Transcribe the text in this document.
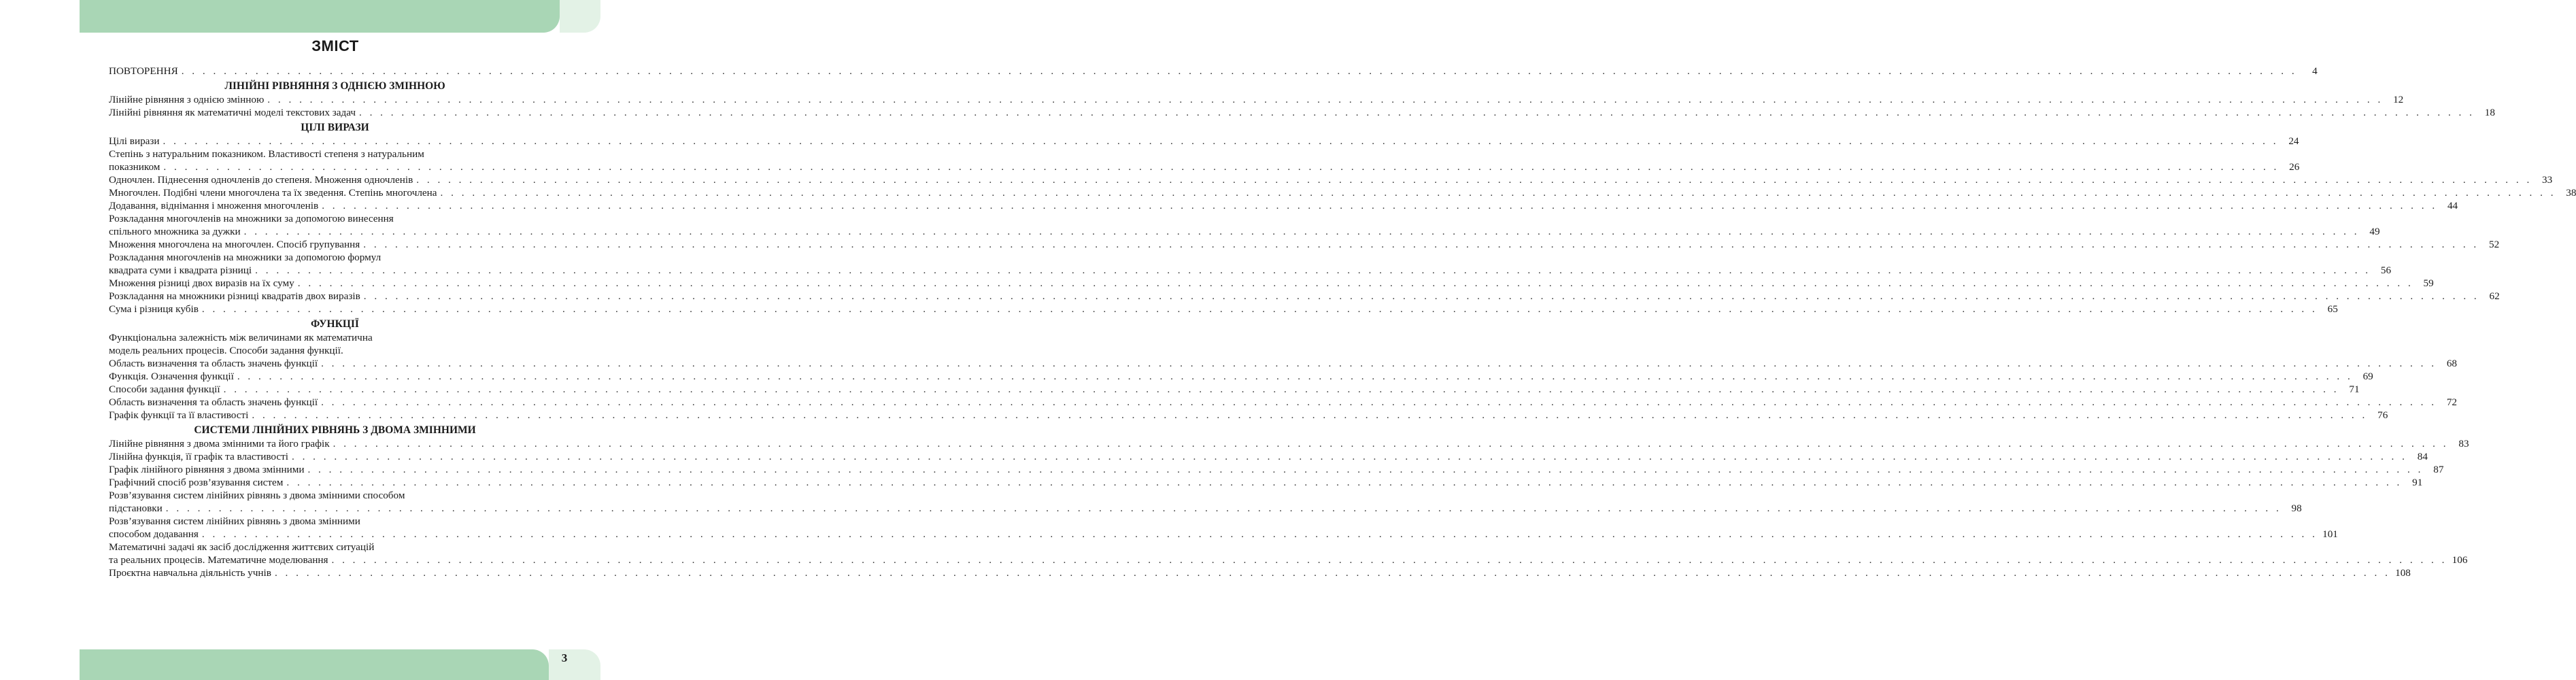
ЗМІСТ
ПОВТОРЕННЯ . . . . . . . . . . . . . . . . . . . . . . . . . . . . . . . . . . . . . . . . . . . . . . . . . . . . . . . . . . . . . . . . . . . . . . . . . . . . . . . . . . . . . . . . . . . . . . . . . . . . . . . . . . . . . . . . . . . . . . . . . . . . . . . . . . . . . . . . . . . . . . . . . . . . . . . . . . . . . . . . . . . . . . . . . . . . . . . . . . . . . . . . . . . . . . . . . . . . . . . .	4
ЛІНІЙНІ РІВНЯННЯ З ОДНІЄЮ ЗМІННОЮ
Лінійне рівняння з однією змінною . . . . . . . . . . . . . . . . . . . . . . . . . . . . . . . . . . . . . . . . . . . . . . . . . . . . . . . . . . . . . . . . . . . . . . . . . . . . . . . . . . . . . . . . . . . . . . . . . . . . . . . . . . . . . . . . . . . . . . . . . . . . . . . . . . . . . . . . . . . . . . . . . . . . . . . . . . . . . . . . . . . . . . . . . . . . . . . . . . . . . . . . . . . . . . . . . . . . . . . . 12
Лінійні рівняння як математичні моделі текстових задач . . . . . . . . . . . . . . . . . . . . . . . . . . . . . . . . . . . . . . . . . . . . . . . . . . . . . . . . . . . . . . . . . . . . . . . . . . . . . . . . . . . . . . . . . . . . . . . . . . . . . . . . . . . . . . . . . . . . . . . . . . . . . . . . . . . . . . . . . . . . . . . . . . . . . . . . . . . . . . . . . . . . . . . . . . . . . . . . . . . . . . . . . . . . . . . . . . . . . . . . 18
ЦІЛІ ВИРАЗИ
Цілі вирази . . . . . . . . . . . . . . . . . . . . . . . . . . . . . . . . . . . . . . . . . . . . . . . . . . . . . . . . . . . . . . . . . . . . . . . . . . . . . . . . . . . . . . . . . . . . . . . . . . . . . . . . . . . . . . . . . . . . . . . . . . . . . . . . . . . . . . . . . . . . . . . . . . . . . . . . . . . . . . . . . . . . . . . . . . . . . . . . . . . . . . . . . . . . . . . . . . . . . . . . 24
Степінь з натуральним показником. Властивості степеня з натуральним
показником . . . . . . . . . . . . . . . . . . . . . . . . . . . . . . . . . . . . . . . . . . . . . . . . . . . . . . . . . . . . . . . . . . . . . . . . . . . . . . . . . . . . . . . . . . . . . . . . . . . . . . . . . . . . . . . . . . . . . . . . . . . . . . . . . . . . . . . . . . . . . . . . . . . . . . . . . . . . . . . . . . . . . . . . . . . . . . . . . . . . . . . . . . . . . . . . . . . . . . . . 26
Одночлен. Піднесення одночленів до степеня. Множення одночленів . . . . . . . . . . . . . . . . . . . . . . . . . . . . . . . . . . . . . . . . . . . . . . . . . . . . . . . . . . . . . . . . . . . . . . . . . . . . . . . . . . . . . . . . . . . . . . . . . . . . . . . . . . . . . . . . . . . . . . . . . . . . . . . . . . . . . . . . . . . . . . . . . . . . . . . . . . . . . . . . . . . . . . . . . . . . . . . . . . . . . . . . . . . . . . . . . . . . . . . . 33
Многочлен. Подібні члени многочлена та їх зведення. Степінь многочлена . . . . . . . . . . . . . . . . . . . . . . . . . . . . . . . . . . . . . . . . . . . . . . . . . . . . . . . . . . . . . . . . . . . . . . . . . . . . . . . . . . . . . . . . . . . . . . . . . . . . . . . . . . . . . . . . . . . . . . . . . . . . . . . . . . . . . . . . . . . . . . . . . . . . . . . . . . . . . . . . . . . . . . . . . . . . . . . . . . . . . . . . . . . . . . . . . . . . . . . . 38
Додавання, віднімання і множення многочленів . . . . . . . . . . . . . . . . . . . . . . . . . . . . . . . . . . . . . . . . . . . . . . . . . . . . . . . . . . . . . . . . . . . . . . . . . . . . . . . . . . . . . . . . . . . . . . . . . . . . . . . . . . . . . . . . . . . . . . . . . . . . . . . . . . . . . . . . . . . . . . . . . . . . . . . . . . . . . . . . . . . . . . . . . . . . . . . . . . . . . . . . . . . . . . . . . . . . . . . . 44
Розкладання многочленів на множники за допомогою винесення
спільного множника за дужки . . . . . . . . . . . . . . . . . . . . . . . . . . . . . . . . . . . . . . . . . . . . . . . . . . . . . . . . . . . . . . . . . . . . . . . . . . . . . . . . . . . . . . . . . . . . . . . . . . . . . . . . . . . . . . . . . . . . . . . . . . . . . . . . . . . . . . . . . . . . . . . . . . . . . . . . . . . . . . . . . . . . . . . . . . . . . . . . . . . . . . . . . . . . . . . . . . . . . . . . 49
Множення многочлена на многочлен. Спосіб групування . . . . . . . . . . . . . . . . . . . . . . . . . . . . . . . . . . . . . . . . . . . . . . . . . . . . . . . . . . . . . . . . . . . . . . . . . . . . . . . . . . . . . . . . . . . . . . . . . . . . . . . . . . . . . . . . . . . . . . . . . . . . . . . . . . . . . . . . . . . . . . . . . . . . . . . . . . . . . . . . . . . . . . . . . . . . . . . . . . . . . . . . . . . . . . . . . . . . . . . . 52
Розкладання многочленів на множники за допомогою формул
квадрата суми і квадрата різниці . . . . . . . . . . . . . . . . . . . . . . . . . . . . . . . . . . . . . . . . . . . . . . . . . . . . . . . . . . . . . . . . . . . . . . . . . . . . . . . . . . . . . . . . . . . . . . . . . . . . . . . . . . . . . . . . . . . . . . . . . . . . . . . . . . . . . . . . . . . . . . . . . . . . . . . . . . . . . . . . . . . . . . . . . . . . . . . . . . . . . . . . . . . . . . . . . . . . . . . . 56
Множення різниці двох виразів на їх суму . . . . . . . . . . . . . . . . . . . . . . . . . . . . . . . . . . . . . . . . . . . . . . . . . . . . . . . . . . . . . . . . . . . . . . . . . . . . . . . . . . . . . . . . . . . . . . . . . . . . . . . . . . . . . . . . . . . . . . . . . . . . . . . . . . . . . . . . . . . . . . . . . . . . . . . . . . . . . . . . . . . . . . . . . . . . . . . . . . . . . . . . . . . . . . . . . . . . . . . . 59
Розкладання на множники різниці квадратів двох виразів . . . . . . . . . . . . . . . . . . . . . . . . . . . . . . . . . . . . . . . . . . . . . . . . . . . . . . . . . . . . . . . . . . . . . . . . . . . . . . . . . . . . . . . . . . . . . . . . . . . . . . . . . . . . . . . . . . . . . . . . . . . . . . . . . . . . . . . . . . . . . . . . . . . . . . . . . . . . . . . . . . . . . . . . . . . . . . . . . . . . . . . . . . . . . . . . . . . . . . . . 62
Сума і різниця кубів . . . . . . . . . . . . . . . . . . . . . . . . . . . . . . . . . . . . . . . . . . . . . . . . . . . . . . . . . . . . . . . . . . . . . . . . . . . . . . . . . . . . . . . . . . . . . . . . . . . . . . . . . . . . . . . . . . . . . . . . . . . . . . . . . . . . . . . . . . . . . . . . . . . . . . . . . . . . . . . . . . . . . . . . . . . . . . . . . . . . . . . . . . . . . . . . . . . . . . . . 65
ФУНКЦІЇ
Функціональна залежність між величинами як математична
модель реальних процесів. Способи задання функції.
Область визначення та область значень функції . . . . . . . . . . . . . . . . . . . . . . . . . . . . . . . . . . . . . . . . . . . . . . . . . . . . . . . . . . . . . . . . . . . . . . . . . . . . . . . . . . . . . . . . . . . . . . . . . . . . . . . . . . . . . . . . . . . . . . . . . . . . . . . . . . . . . . . . . . . . . . . . . . . . . . . . . . . . . . . . . . . . . . . . . . . . . . . . . . . . . . . . . . . . . . . . . . . . . . . . 68
Функція. Означення функції . . . . . . . . . . . . . . . . . . . . . . . . . . . . . . . . . . . . . . . . . . . . . . . . . . . . . . . . . . . . . . . . . . . . . . . . . . . . . . . . . . . . . . . . . . . . . . . . . . . . . . . . . . . . . . . . . . . . . . . . . . . . . . . . . . . . . . . . . . . . . . . . . . . . . . . . . . . . . . . . . . . . . . . . . . . . . . . . . . . . . . . . . . . . . . . . . . . . . . . . 69
Способи задання функції . . . . . . . . . . . . . . . . . . . . . . . . . . . . . . . . . . . . . . . . . . . . . . . . . . . . . . . . . . . . . . . . . . . . . . . . . . . . . . . . . . . . . . . . . . . . . . . . . . . . . . . . . . . . . . . . . . . . . . . . . . . . . . . . . . . . . . . . . . . . . . . . . . . . . . . . . . . . . . . . . . . . . . . . . . . . . . . . . . . . . . . . . . . . . . . . . . . . . . . . 71
Область визначення та область значень функції . . . . . . . . . . . . . . . . . . . . . . . . . . . . . . . . . . . . . . . . . . . . . . . . . . . . . . . . . . . . . . . . . . . . . . . . . . . . . . . . . . . . . . . . . . . . . . . . . . . . . . . . . . . . . . . . . . . . . . . . . . . . . . . . . . . . . . . . . . . . . . . . . . . . . . . . . . . . . . . . . . . . . . . . . . . . . . . . . . . . . . . . . . . . . . . . . . . . . . . . 72
Графік функції та її властивості . . . . . . . . . . . . . . . . . . . . . . . . . . . . . . . . . . . . . . . . . . . . . . . . . . . . . . . . . . . . . . . . . . . . . . . . . . . . . . . . . . . . . . . . . . . . . . . . . . . . . . . . . . . . . . . . . . . . . . . . . . . . . . . . . . . . . . . . . . . . . . . . . . . . . . . . . . . . . . . . . . . . . . . . . . . . . . . . . . . . . . . . . . . . . . . . . . . . . . . . 76
СИСТЕМИ ЛІНІЙНИХ РІВНЯНЬ З ДВОМА ЗМІННИМИ
Лінійне рівняння з двома змінними та його графік . . . . . . . . . . . . . . . . . . . . . . . . . . . . . . . . . . . . . . . . . . . . . . . . . . . . . . . . . . . . . . . . . . . . . . . . . . . . . . . . . . . . . . . . . . . . . . . . . . . . . . . . . . . . . . . . . . . . . . . . . . . . . . . . . . . . . . . . . . . . . . . . . . . . . . . . . . . . . . . . . . . . . . . . . . . . . . . . . . . . . . . . . . . . . . . . . . . . . . . . 83
Лінійна функція, її графік та властивості . . . . . . . . . . . . . . . . . . . . . . . . . . . . . . . . . . . . . . . . . . . . . . . . . . . . . . . . . . . . . . . . . . . . . . . . . . . . . . . . . . . . . . . . . . . . . . . . . . . . . . . . . . . . . . . . . . . . . . . . . . . . . . . . . . . . . . . . . . . . . . . . . . . . . . . . . . . . . . . . . . . . . . . . . . . . . . . . . . . . . . . . . . . . . . . . . . . . . . . . 84
Графік лінійного рівняння з двома змінними . . . . . . . . . . . . . . . . . . . . . . . . . . . . . . . . . . . . . . . . . . . . . . . . . . . . . . . . . . . . . . . . . . . . . . . . . . . . . . . . . . . . . . . . . . . . . . . . . . . . . . . . . . . . . . . . . . . . . . . . . . . . . . . . . . . . . . . . . . . . . . . . . . . . . . . . . . . . . . . . . . . . . . . . . . . . . . . . . . . . . . . . . . . . . . . . . . . . . . . . 87
Графічний спосіб розв’язування систем . . . . . . . . . . . . . . . . . . . . . . . . . . . . . . . . . . . . . . . . . . . . . . . . . . . . . . . . . . . . . . . . . . . . . . . . . . . . . . . . . . . . . . . . . . . . . . . . . . . . . . . . . . . . . . . . . . . . . . . . . . . . . . . . . . . . . . . . . . . . . . . . . . . . . . . . . . . . . . . . . . . . . . . . . . . . . . . . . . . . . . . . . . . . . . . . . . . . . . . . 91
Розв’язування систем лінійних рівнянь з двома змінними способом
підстановки . . . . . . . . . . . . . . . . . . . . . . . . . . . . . . . . . . . . . . . . . . . . . . . . . . . . . . . . . . . . . . . . . . . . . . . . . . . . . . . . . . . . . . . . . . . . . . . . . . . . . . . . . . . . . . . . . . . . . . . . . . . . . . . . . . . . . . . . . . . . . . . . . . . . . . . . . . . . . . . . . . . . . . . . . . . . . . . . . . . . . . . . . . . . . . . . . . . . . . . . 98
Розв’язування систем лінійних рівнянь з двома змінними
способом додавання . . . . . . . . . . . . . . . . . . . . . . . . . . . . . . . . . . . . . . . . . . . . . . . . . . . . . . . . . . . . . . . . . . . . . . . . . . . . . . . . . . . . . . . . . . . . . . . . . . . . . . . . . . . . . . . . . . . . . . . . . . . . . . . . . . . . . . . . . . . . . . . . . . . . . . . . . . . . . . . . . . . . . . . . . . . . . . . . . . . . . . . . . . . . . . . . . . . . . . . . 101
Математичні задачі як засіб дослідження життєвих ситуацій
та реальних процесів. Математичне моделювання . . . . . . . . . . . . . . . . . . . . . . . . . . . . . . . . . . . . . . . . . . . . . . . . . . . . . . . . . . . . . . . . . . . . . . . . . . . . . . . . . . . . . . . . . . . . . . . . . . . . . . . . . . . . . . . . . . . . . . . . . . . . . . . . . . . . . . . . . . . . . . . . . . . . . . . . . . . . . . . . . . . . . . . . . . . . . . . . . . . . . . . . . . . . . . . . . . . . . . . . 106
Проєктна навчальна діяльність учнів . . . . . . . . . . . . . . . . . . . . . . . . . . . . . . . . . . . . . . . . . . . . . . . . . . . . . . . . . . . . . . . . . . . . . . . . . . . . . . . . . . . . . . . . . . . . . . . . . . . . . . . . . . . . . . . . . . . . . . . . . . . . . . . . . . . . . . . . . . . . . . . . . . . . . . . . . . . . . . . . . . . . . . . . . . . . . . . . . . . . . . . . . . . . . . . . . . . . . . . . 108
3
